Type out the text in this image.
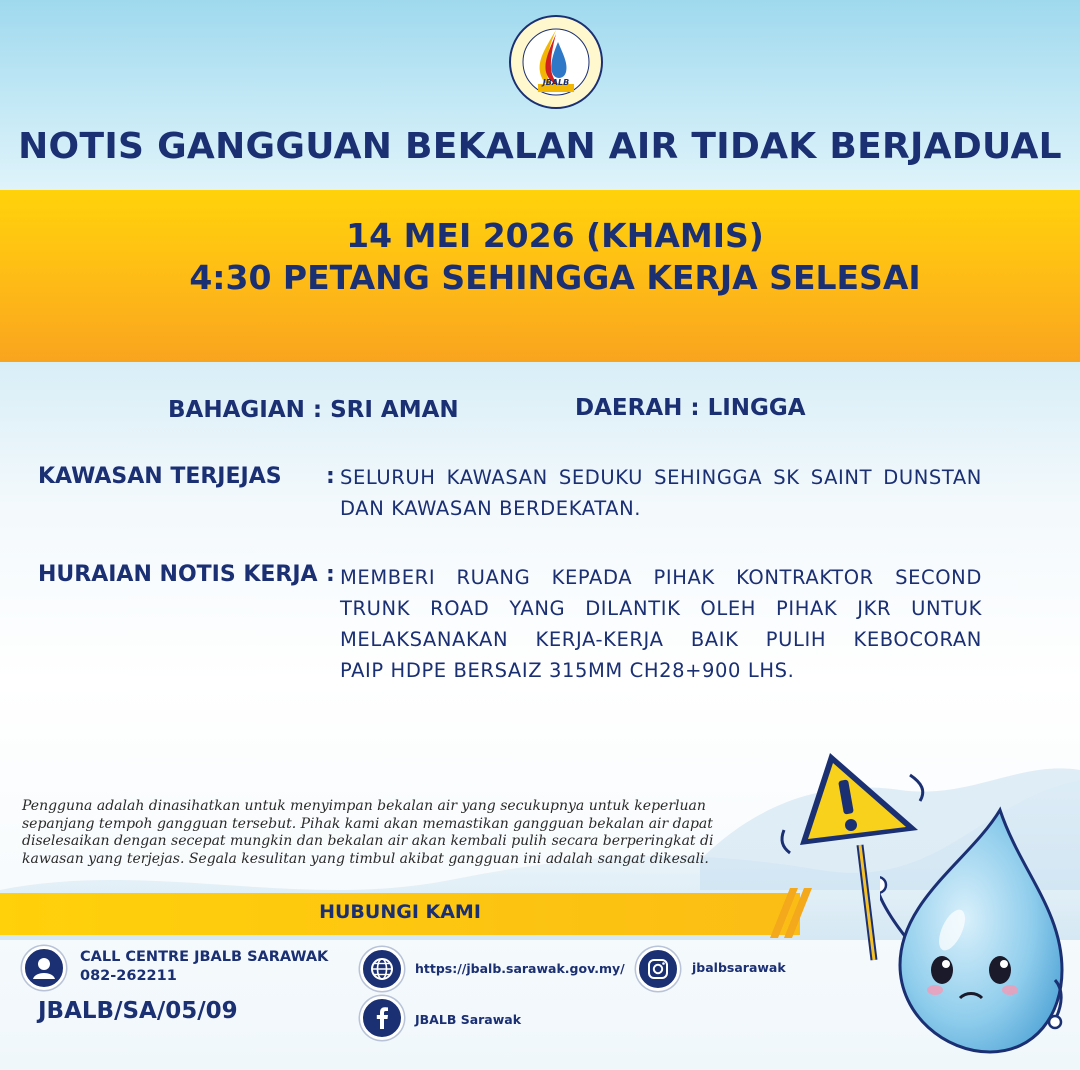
JBALB
NOTIS GANGGUAN BEKALAN AIR TIDAK BERJADUAL
14 MEI 2026 (KHAMIS)
4:30 PETANG SEHINGGA KERJA SELESAI
BAHAGIAN : SRI AMAN	DAERAH : LINGGA
KAWASAN TERJEJAS : SELURUH KAWASAN SEDUKU SEHINGGA SK SAINT DUNSTAN
DAN KAWASAN BERDEKATAN.
HURAIAN NOTIS KERJA : MEMBERI RUANG KEPADA PIHAK KONTRAKTOR SECOND
TRUNK ROAD YANG DILANTIK OLEH PIHAK JKR UNTUK
MELAKSANAKAN KERJA-KERJA BAIK PULIH KEBOCORAN
PAIP HDPE BERSAIZ 315MM CH28+900 LHS.
Pengguna adalah dinasihatkan untuk menyimpan bekalan air yang secukupnya untuk keperluan
sepanjang tempoh gangguan tersebut. Pihak kami akan memastikan gangguan bekalan air dapat
diselesaikan dengan secepat mungkin dan bekalan air akan kembali pulih secara berperingkat di
kawasan yang terjejas. Segala kesulitan yang timbul akibat gangguan ini adalah sangat dikesali.
HUBUNGI KAMI
CALL CENTRE JBALB SARAWAK
082-262211
JBALB/SA/05/09
https://jbalb.sarawak.gov.my/	jbalbsarawak
JBALB Sarawak
